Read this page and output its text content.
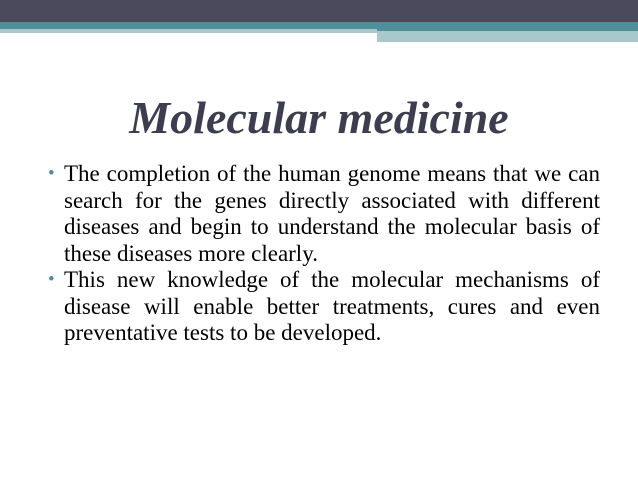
Molecular medicine
• The completion of the human genome means that we can search for the genes directly associated with different diseases and begin to understand the molecular basis of these diseases more clearly.
• This new knowledge of the molecular mechanisms of disease will enable better treatments, cures and even preventative tests to be developed.
